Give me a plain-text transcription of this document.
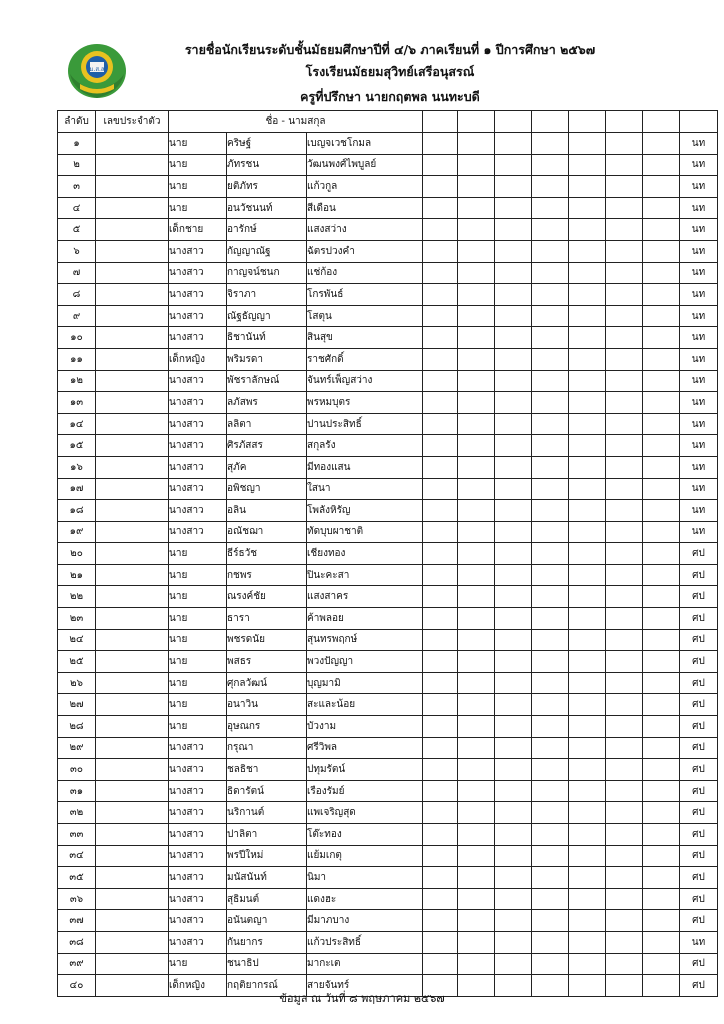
ม.ส.ส
รายชื่อนักเรียนระดับชั้นมัธยมศึกษาปีที่ ๔/๖ ภาคเรียนที่ ๑ ปีการศึกษา ๒๕๖๗
โรงเรียนมัธยมสุวิทย์เสรีอนุสรณ์
ครูที่ปรึกษา นายกฤตพล นนทะบดี
ลำดับ	เลขประจำตัว	ชื่อ - นามสกุล										
๑		นาย	คริษฐ์	เบญจเวชโกมล								นท
๒		นาย	ภัทรชน	วัฒนพงศ์ไพบูลย์								นท
๓		นาย	ยติภัทร	แก้วกูล								นท
๔		นาย	อนวัชนนท์	สีเดือน								นท
๕		เด็กชาย	อารักษ์	แสงสว่าง								นท
๖		นางสาว	กัญญาณัฐ	ฉัตรปวงคำ								นท
๗		นางสาว	กาญจน์ชนก	แช่ก้อง								นท
๘		นางสาว	จิราภา	โกรพันธ์								นท
๙		นางสาว	ณัฐธัญญา	โสตุน								นท
๑๐		นางสาว	ธิชานันท์	สินสุข								นท
๑๑		เด็กหญิง	พริมรดา	ราชศักดิ์								นท
๑๒		นางสาว	พัชราลักษณ์	จันทร์เพ็ญสว่าง								นท
๑๓		นางสาว	ลภัสพร	พรหมบุตร								นท
๑๔		นางสาว	ลลิตา	ปานประสิทธิ์								นท
๑๕		นางสาว	ศิรภัสสร	สกุลรัง								นท
๑๖		นางสาว	สุภัค	มีทองแสน								นท
๑๗		นางสาว	อพิชญา	ใสนา								นท
๑๘		นางสาว	อลิน	โพลังหิรัญ								นท
๑๙		นางสาว	อณัชฌา	ทัดบุบผาชาติ								นท
๒๐		นาย	ธีร์ธวัช	เชียงทอง								ศป
๒๑		นาย	กชพร	ปินะคะสา								ศป
๒๒		นาย	ณรงค์ชัย	แสงสาคร								ศป
๒๓		นาย	ธารา	ค้าพลอย								ศป
๒๔		นาย	พชรดนัย	สุนทรพฤกษ์								ศป
๒๕		นาย	พสธร	พวงปัญญา								ศป
๒๖		นาย	ศุกลวัฒน์	บุญมามิ								ศป
๒๗		นาย	อนาวิน	สะและน้อย								ศป
๒๘		นาย	อุษณกร	บัวงาม								ศป
๒๙		นางสาว	กรุณา	ศรีวิพล								ศป
๓๐		นางสาว	ชลธิชา	ปทุมรัตน์								ศป
๓๑		นางสาว	ธิดารัตน์	เรืองรัมย์								ศป
๓๒		นางสาว	นริกานต์	แพเจริญสุด								ศป
๓๓		นางสาว	ปาลิตา	โต๊ะทอง								ศป
๓๔		นางสาว	พรปีใหม่	แย้มเกตุ								ศป
๓๕		นางสาว	มนัสนันท์	นิมา								ศป
๓๖		นางสาว	สุธิมนต์	แดงฮะ								ศป
๓๗		นางสาว	อนันตญา	มีมาภบาง								ศป
๓๘		นางสาว	กันยากร	แก้วประสิทธิ์								นท
๓๙		นาย	ชนาธิป	มากะเต								ศป
๔๐		เด็กหญิง	กฤติยากรณ์	สายจันทร์								ศป
ข้อมูล ณ วันที่ ๘ พฤษภาคม ๒๕๖๗
